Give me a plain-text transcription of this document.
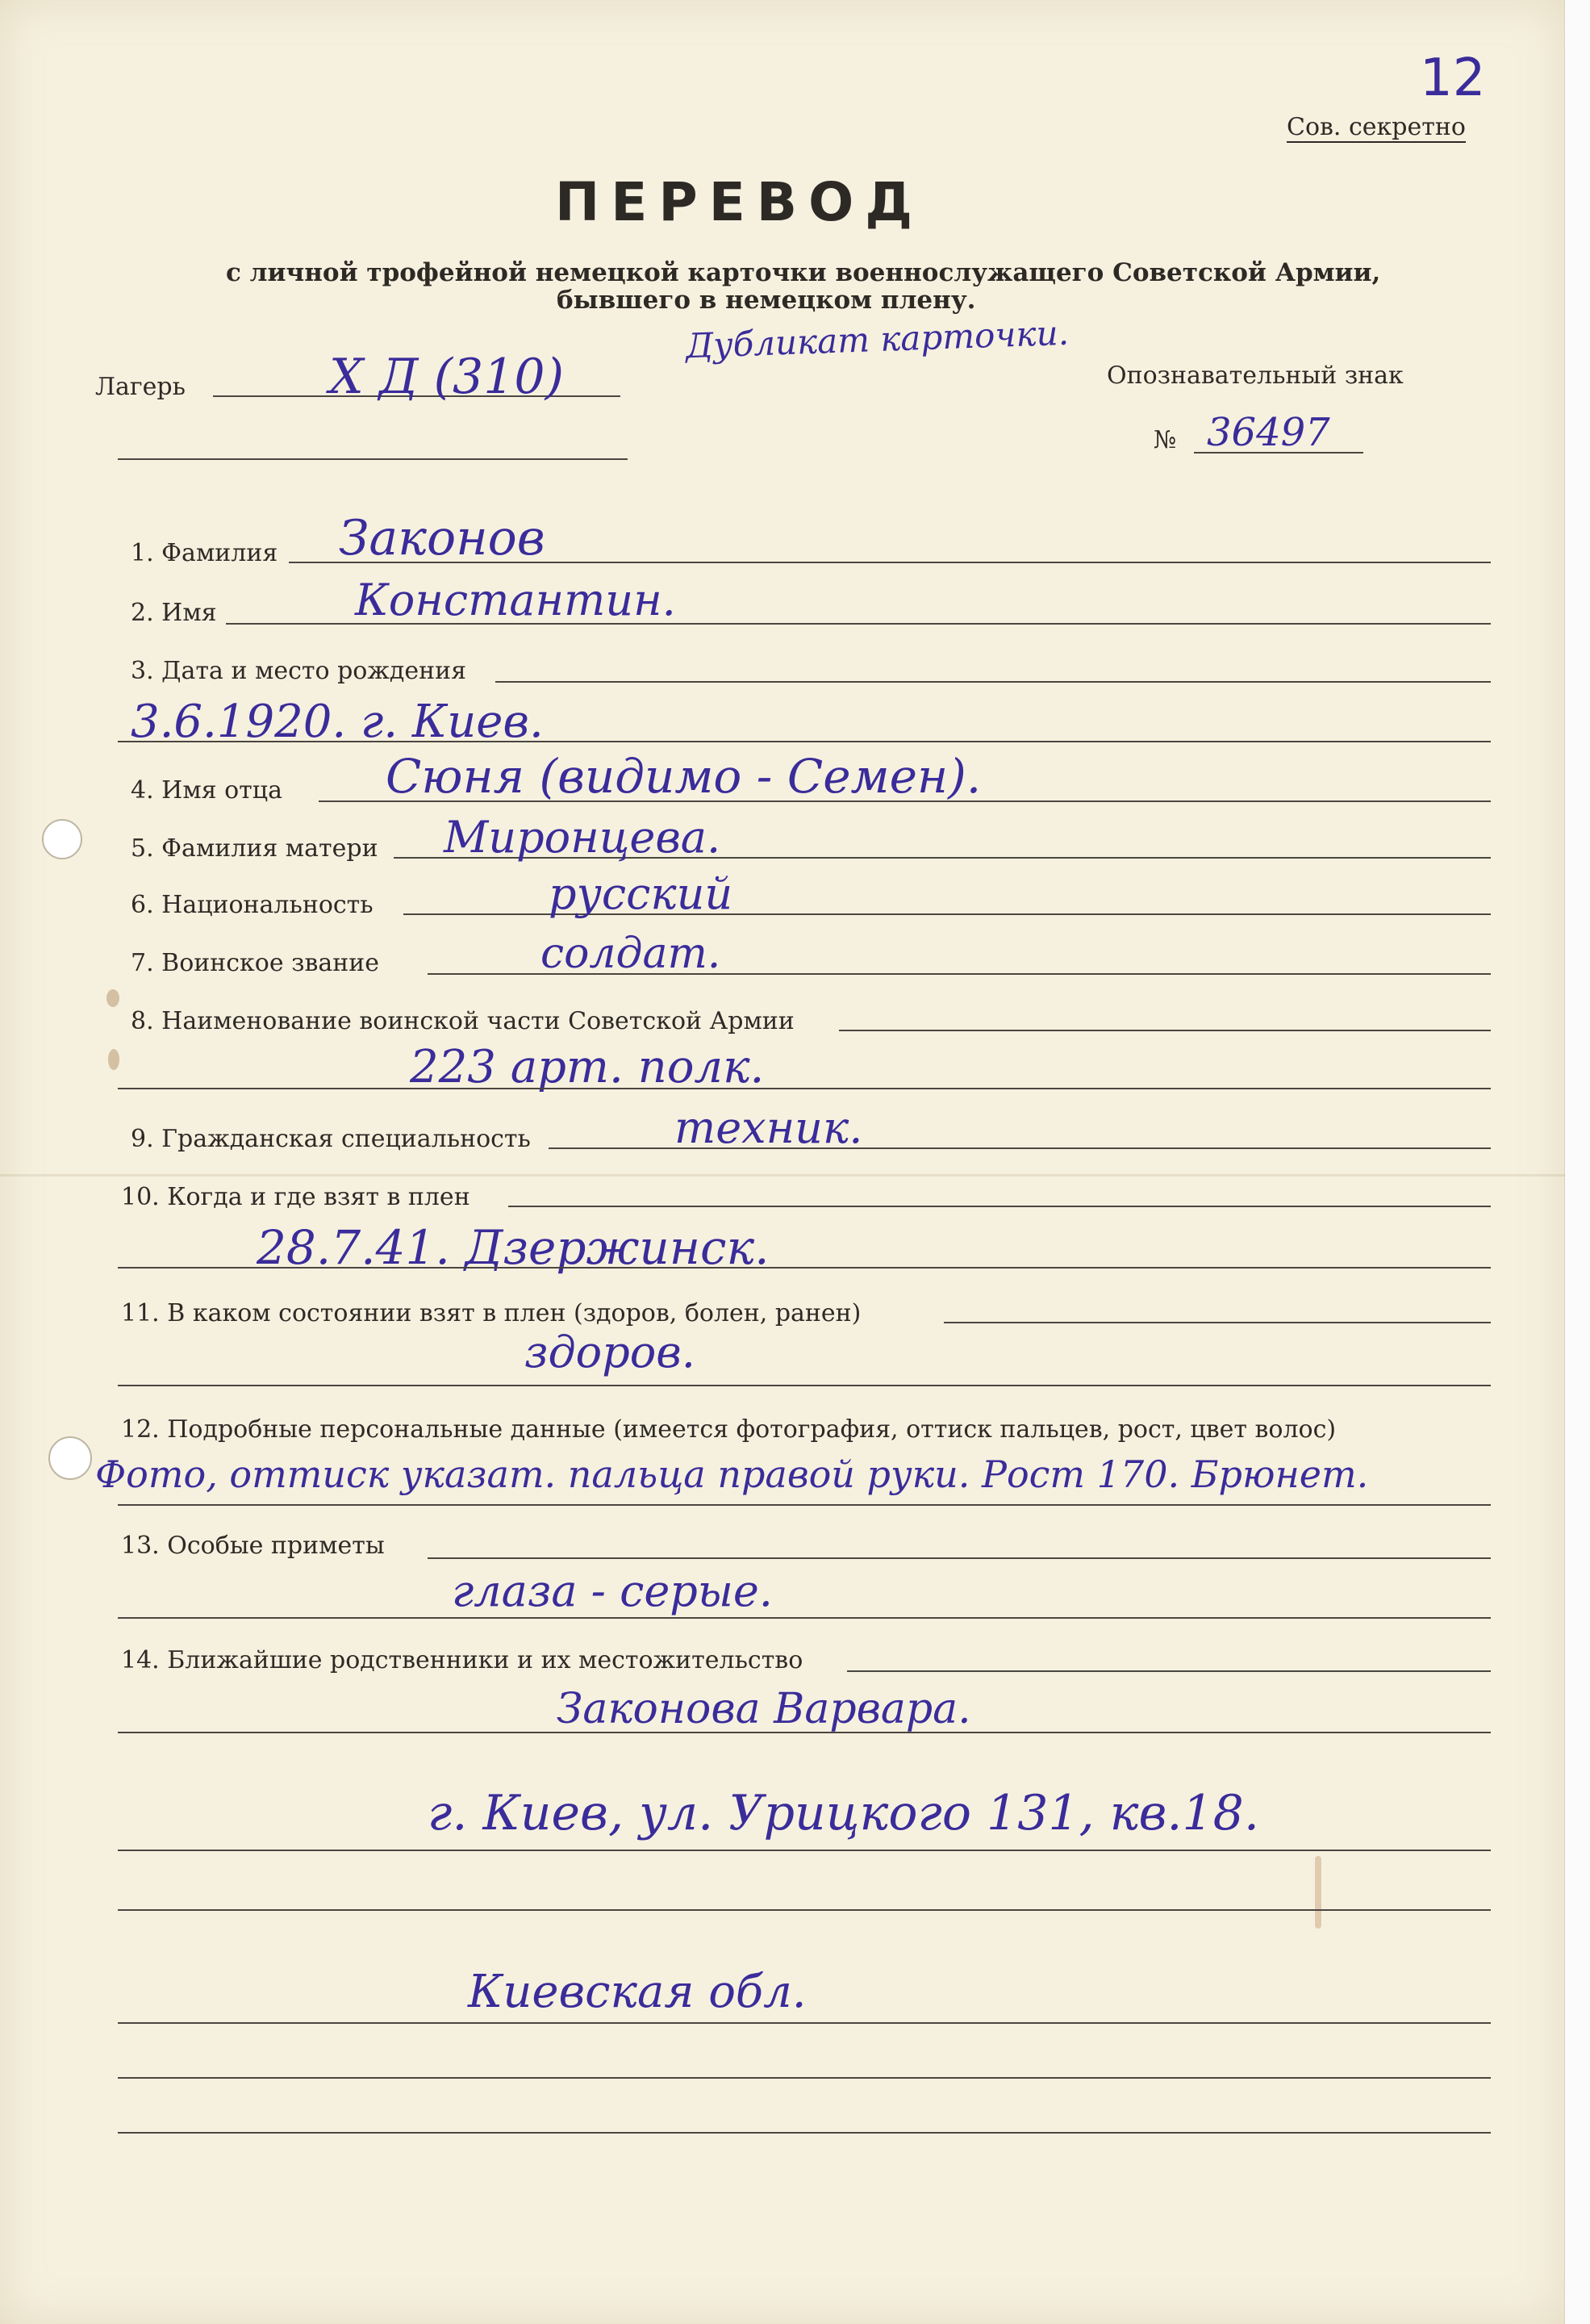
12
Сов. секретно
ПЕРЕВОД
с личной трофейной немецкой карточки военнослужащего Советской Армии,
бывшего в немецком плену.
Дубликат карточки.
Лагерь	X Д (310)	Опознавательный знак
№ 36497
1. Фамилия Законов
2. Имя	Константин.
3. Дата и место рождения
3.6.1920. г. Киев.
4. Имя отца Сюня (видимо - Семен).
5. Фамилия матери Миронцева.
6. Национальность	русский
7. Воинское звание	солдат.
8. Наименование воинской части Советской Армии
223 арт. полк.
9. Гражданская специальность	техник.
10. Когда и где взят в плен
28.7.41. Дзержинск.
11. В каком состоянии взят в плен (здоров, болен, ранен)
здоров.
12. Подробные персональные данные (имеется фотография, оттиск пальцев, рост, цвет волос)
Фото, оттиск указат. пальца правой руки. Рост 170. Брюнет.
13. Особые приметы
глаза - серые.
14. Ближайшие родственники и их местожительство
Законова Варвара.
г. Киев, ул. Урицкого 131, кв.18.
Киевская обл.
